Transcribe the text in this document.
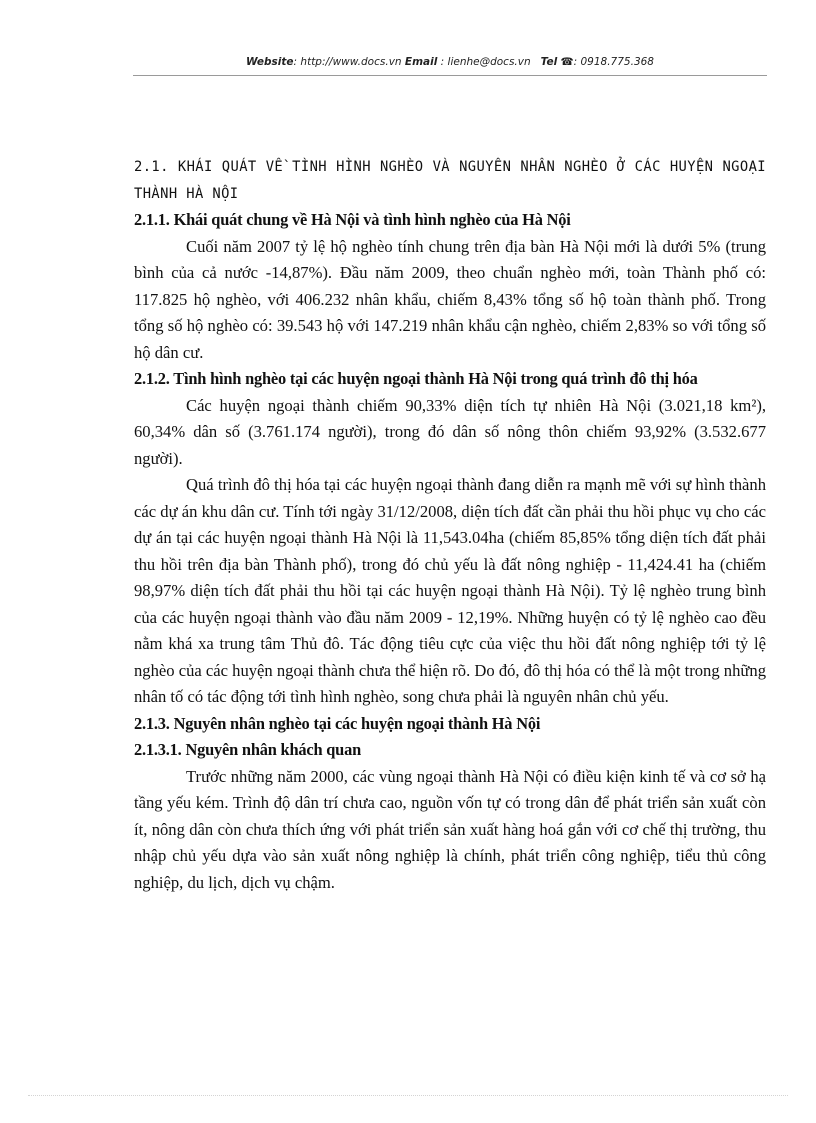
Website: http://www.docs.vn Email : lienhe@docs.vn Tel ☎: 0918.775.368

2.1. KHÁI QUÁT VỀ TÌNH HÌNH NGHÈO VÀ NGUYÊN NHÂN NGHÈO Ở CÁC HUYỆN NGOẠI THÀNH HÀ NỘI

2.1.1. Khái quát chung về Hà Nội và tình hình nghèo của Hà Nội

Cuối năm 2007 tỷ lệ hộ nghèo tính chung trên địa bàn Hà Nội mới là dưới 5% (trung bình của cả nước -14,87%). Đầu năm 2009, theo chuẩn nghèo mới, toàn Thành phố có: 117.825 hộ nghèo, với 406.232 nhân khẩu, chiếm 8,43% tổng số hộ toàn thành phố. Trong tổng số hộ nghèo có: 39.543 hộ với 147.219 nhân khẩu cận nghèo, chiếm 2,83% so với tổng số hộ dân cư.

2.1.2. Tình hình nghèo tại các huyện ngoại thành Hà Nội trong quá trình đô thị hóa

Các huyện ngoại thành chiếm 90,33% diện tích tự nhiên Hà Nội (3.021,18 km²), 60,34% dân số (3.761.174 người), trong đó dân số nông thôn chiếm 93,92% (3.532.677 người).

Quá trình đô thị hóa tại các huyện ngoại thành đang diễn ra mạnh mẽ với sự hình thành các dự án khu dân cư. Tính tới ngày 31/12/2008, diện tích đất cần phải thu hồi phục vụ cho các dự án tại các huyện ngoại thành Hà Nội là 11,543.04ha (chiếm 85,85% tổng diện tích đất phải thu hồi trên địa bàn Thành phố), trong đó chủ yếu là đất nông nghiệp - 11,424.41 ha (chiếm 98,97% diện tích đất phải thu hồi tại các huyện ngoại thành Hà Nội). Tỷ lệ nghèo trung bình của các huyện ngoại thành vào đầu năm 2009 - 12,19%. Những huyện có tỷ lệ nghèo cao đều nằm khá xa trung tâm Thủ đô. Tác động tiêu cực của việc thu hồi đất nông nghiệp tới tỷ lệ nghèo của các huyện ngoại thành chưa thể hiện rõ. Do đó, đô thị hóa có thể là một trong những nhân tố có tác động tới tình hình nghèo, song chưa phải là nguyên nhân chủ yếu.

2.1.3. Nguyên nhân nghèo tại các huyện ngoại thành Hà Nội
2.1.3.1. Nguyên nhân khách quan

Trước những năm 2000, các vùng ngoại thành Hà Nội có điều kiện kinh tế và cơ sở hạ tầng yếu kém. Trình độ dân trí chưa cao, nguồn vốn tự có trong dân để phát triển sản xuất còn ít, nông dân còn chưa thích ứng với phát triển sản xuất hàng hoá gắn với cơ chế thị trường, thu nhập chủ yếu dựa vào sản xuất nông nghiệp là chính, phát triển công nghiệp, tiểu thủ công nghiệp, du lịch, dịch vụ chậm.
